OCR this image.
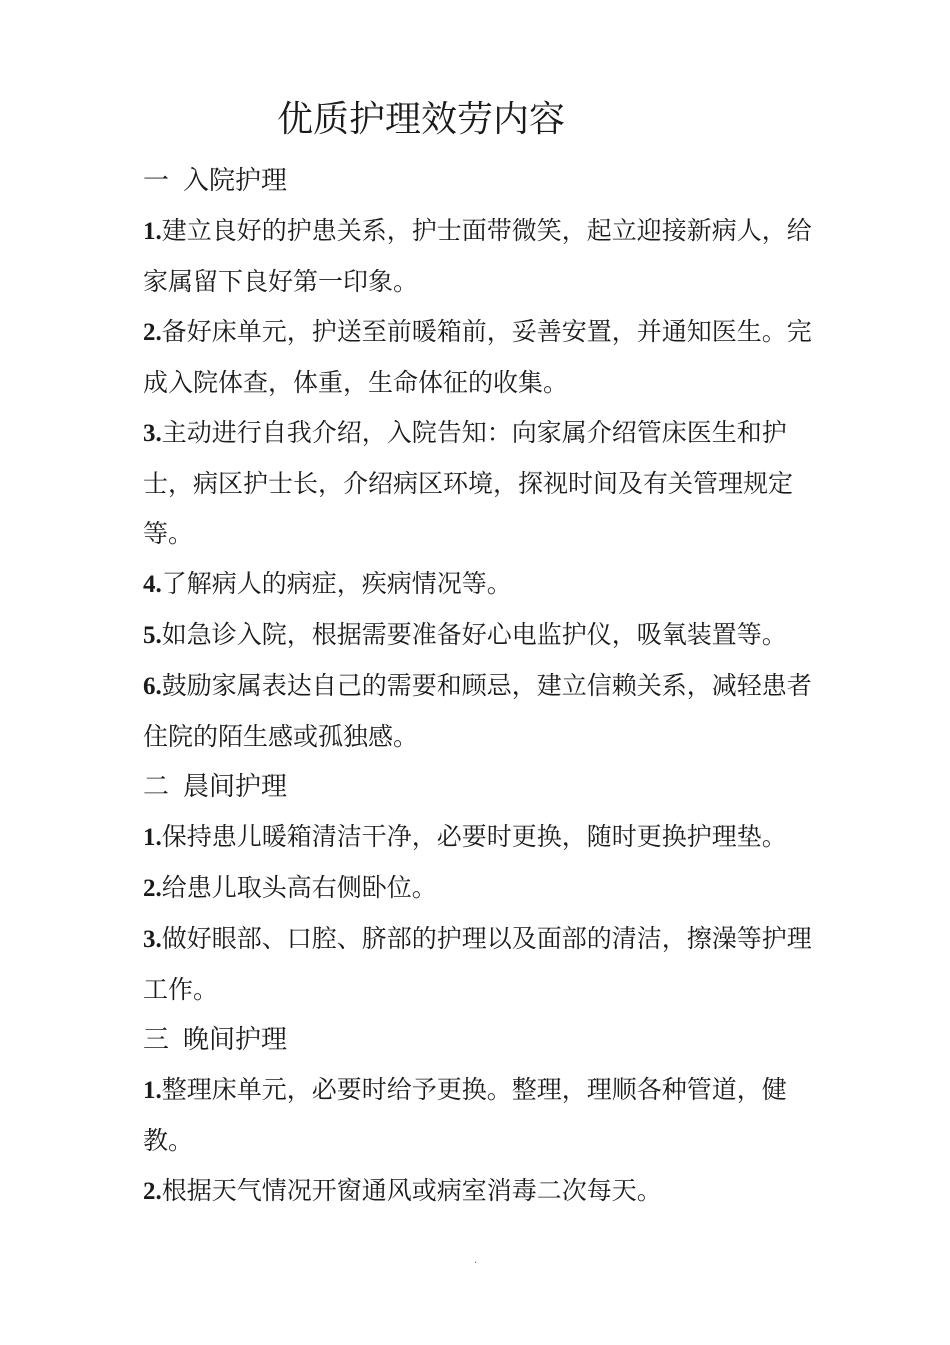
优质护理效劳内容
一 入院护理
1.建立良好的护患关系，护士面带微笑，起立迎接新病人，给家属留下良好第一印象。
2.备好床单元，护送至前暖箱前，妥善安置，并通知医生。完成入院体查，体重，生命体征的收集。
3.主动进行自我介绍，入院告知：向家属介绍管床医生和护士，病区护士长，介绍病区环境，探视时间及有关管理规定等。
4.了解病人的病症，疾病情况等。
5.如急诊入院，根据需要准备好心电监护仪，吸氧装置等。
6.鼓励家属表达自己的需要和顾忌，建立信赖关系，减轻患者住院的陌生感或孤独感。
二 晨间护理
1.保持患儿暖箱清洁干净，必要时更换，随时更换护理垫。
2.给患儿取头高右侧卧位。
3.做好眼部、口腔、脐部的护理以及面部的清洁，擦澡等护理工作。
三 晚间护理
1.整理床单元，必要时给予更换。整理，理顺各种管道，健教。
2.根据天气情况开窗通风或病室消毒二次每天。
.
